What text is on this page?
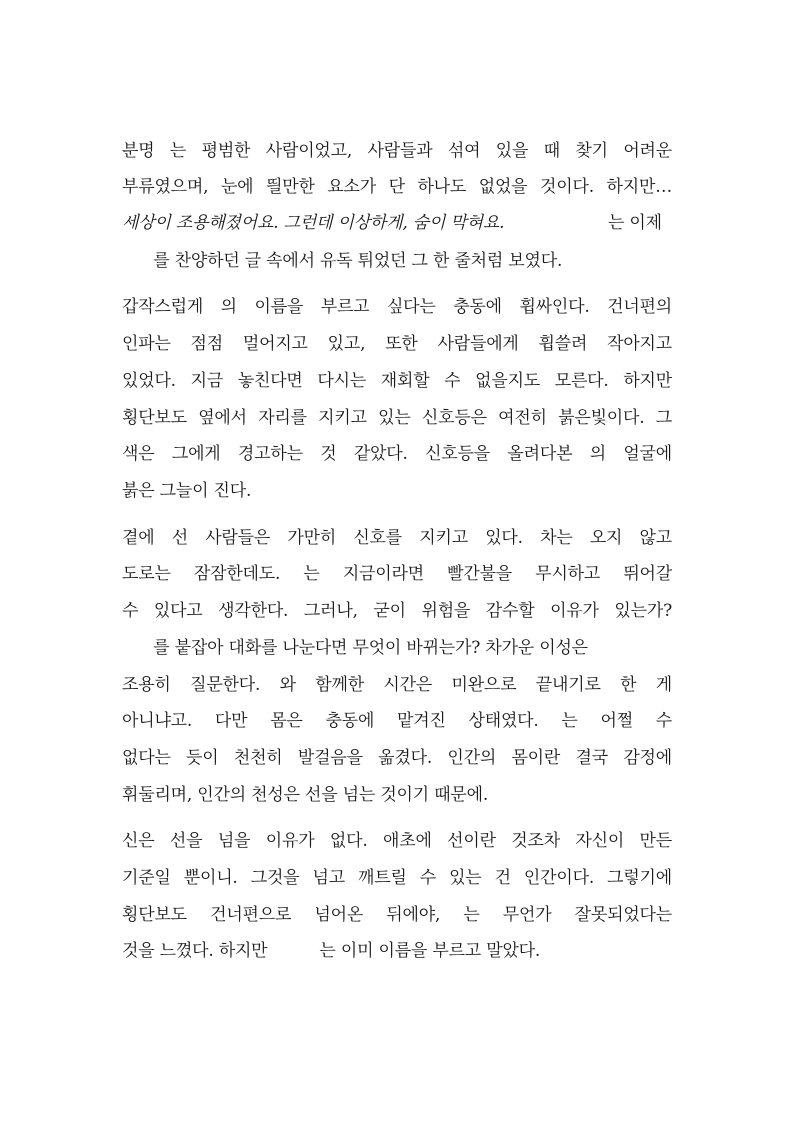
분명 는 평범한 사람이었고, 사람들과 섞여 있을 때 찾기 어려운
부류였으며, 눈에 띌만한 요소가 단 하나도 없었을 것이다. 하지만…
세상이 조용해졌어요. 그런데 이상하게, 숨이 막혀요.	는 이제
를 찬양하던 글 속에서 유독 튀었던 그 한 줄처럼 보였다.
갑작스럽게 의 이름을 부르고 싶다는 충동에 휩싸인다. 건너편의
인파는 점점 멀어지고 있고, 또한 사람들에게 휩쓸려 작아지고
있었다. 지금 놓친다면 다시는 재회할 수 없을지도 모른다. 하지만
횡단보도 옆에서 자리를 지키고 있는 신호등은 여전히 붉은빛이다. 그
색은 그에게 경고하는 것 같았다. 신호등을 올려다본 의 얼굴에
붉은 그늘이 진다.
곁에 선 사람들은 가만히 신호를 지키고 있다. 차는 오지 않고
도로는 잠잠한데도. 는 지금이라면 빨간불을 무시하고 뛰어갈
수 있다고 생각한다. 그러나, 굳이 위험을 감수할 이유가 있는가?
를 붙잡아 대화를 나눈다면 무엇이 바뀌는가? 차가운 이성은
조용히 질문한다. 와 함께한 시간은 미완으로 끝내기로 한 게
아니냐고. 다만 몸은 충동에 맡겨진 상태였다. 는 어쩔 수
없다는 듯이 천천히 발걸음을 옮겼다. 인간의 몸이란 결국 감정에
휘둘리며, 인간의 천성은 선을 넘는 것이기 때문에.
신은 선을 넘을 이유가 없다. 애초에 선이란 것조차 자신이 만든
기준일 뿐이니. 그것을 넘고 깨트릴 수 있는 건 인간이다. 그렇기에
횡단보도 건너편으로 넘어온 뒤에야, 는 무언가 잘못되었다는
것을 느꼈다. 하지만          는 이미 이름을 부르고 말았다.
